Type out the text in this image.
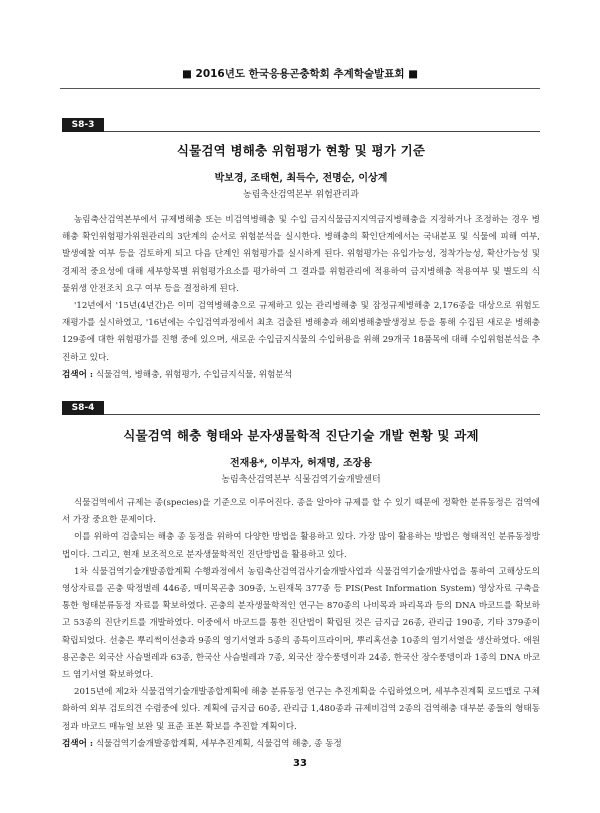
■ 2016년도 한국응용곤충학회 추계학술발표회 ■
S8-3
식물검역 병해충 위험평가 현황 및 평가 기준
박보경, 조태현, 최득수, 전명순, 이상계
농림축산검역본부 위험관리과

농림축산검역본부에서 규제병해충 또는 비검역병해충 및 수입 금지식물금지지역금지병해충을 지정하거나 조정하는 경우 병해충 확인위험평가위원관리의 3단계의 순서로 위험분석을 실시한다. 병해충의 확인단계에서는 국내분포 및 식물에 피해 여부, 발생예찰 여부 등을 검토하게 되고 다음 단계인 위험평가를 실시하게 된다. 위험평가는 유입가능성, 정착가능성, 확산가능성 및 경제적 중요성에 대해 세부항목별 위험평가요소를 평가하여 그 결과를 위험관리에 적용하여 금지병해충 적용여부 및 별도의 식물위생 안전조치 요구 여부 등을 결정하게 된다.

'12년에서 '15년(4년간)은 이미 검역병해충으로 규제하고 있는 관리병해충 및 잠정규제병해충 2,176종을 대상으로 위험도 재평가를 실시하였고, '16년에는 수입검역과정에서 최초 검출된 병해충과 해외병해충발생정보 등을 통해 수집된 새로운 병해충 129종에 대한 위험평가를 진행 중에 있으며, 새로운 수입금지식물의 수입허용을 위해 29개국 18품목에 대해 수입위험분석을 추진하고 있다.

검색어 : 식물검역, 병해충, 위험평가, 수입금지식물, 위험분석

S8-4
식물검역 해충 형태와 분자생물학적 진단기술 개발 현황 및 과제
전재용*, 이부자, 허재명, 조장용
농림축산검역본부 식물검역기술개발센터

식물검역에서 규제는 종(species)을 기준으로 이루어진다. 종을 알아야 규제를 할 수 있기 때문에 정확한 분류동정은 검역에서 가장 중요한 문제이다.

이를 위하여 검출되는 해충 종 동정을 위하여 다양한 방법을 활용하고 있다. 가장 많이 활용하는 방법은 형태적인 분류동정방법이다. 그리고, 현재 보조적으로 분자생물학적인 진단방법을 활용하고 있다.

1차 식물검역기술개발종합계획 수행과정에서 농림축산검역검사기술개발사업과 식물검역기술개발사업을 통하여 고해상도의 영상자료를 곤충 딱정벌레 446종, 매미목곤충 309종, 노린재목 377종 등 PIS(Pest Information System) 영상자료 구축을 통한 형태분류동정 자료를 확보하였다. 곤충의 분자생물학적인 연구는 870종의 나비목과 파리목과 등의 DNA 바코드를 확보하고 53종의 진단키트를 개발하였다. 이중에서 바코드를 통한 진단법이 확립된 것은 금지급 26종, 관리급 190종, 기타 379종이 확립되었다. 선충은 뿌리썩이선충과 9종의 영기서열과 5종의 종특이프라이머, 뿌리혹선충 10종의 염기서열을 생산하였다. 애원용곤충은 외국산 사슴벌레과 63종, 한국산 사슴벌레과 7종, 외국산 장수풍뎅이과 24종, 한국산 장수풍뎅이과 1종의 DNA 바코드 염기서열 확보하였다.

2015년에 제2차 식물검역기술개발종합계획에 해충 분류동정 연구는 추진계획을 수립하였으며, 세부추진계획 로드맵로 구체화하여 외부 검토의견 수렴중에 있다. 계획에 금지급 60종, 관리급 1,480종과 규제비검역 2종의 검역해충 대부분 종들의 형태동정과 바코드 매뉴얼 보완 및 표준 표본 확보를 추진할 계획이다.

검색어 : 식물검역기술개발종합계획, 세부추진계획, 식물검역 해충, 종 동정

33
